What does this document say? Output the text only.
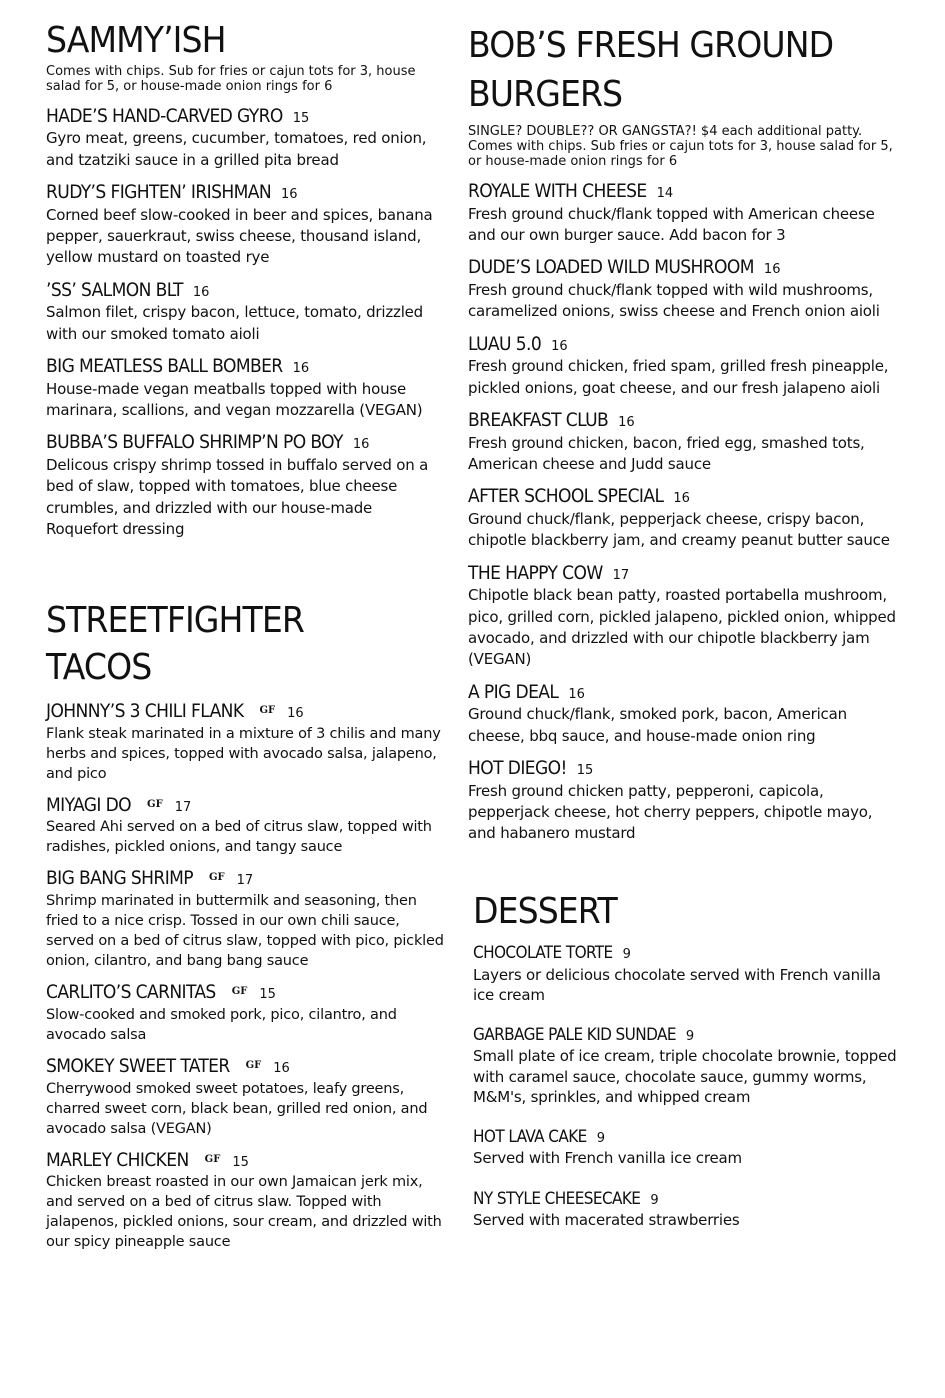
SAMMY’ISH

Comes with chips. Sub for fries or cajun tots for 3, house salad for 5, or house-made onion rings for 6

HADE’S HAND-CARVED GYRO 15
Gyro meat, greens, cucumber, tomatoes, red onion, and tzatziki sauce in a grilled pita bread
RUDY’S FIGHTEN’ IRISHMAN 16
Corned beef slow-cooked in beer and spices, banana pepper, sauerkraut, swiss cheese, thousand island, yellow mustard on toasted rye
’SS’ SALMON BLT 16
Salmon filet, crispy bacon, lettuce, tomato, drizzled with our smoked tomato aioli
BIG MEATLESS BALL BOMBER 16
House-made vegan meatballs topped with house marinara, scallions, and vegan mozzarella (VEGAN)
BUBBA’S BUFFALO SHRIMP’N PO BOY 16
Delicous crispy shrimp tossed in buffalo served on a bed of slaw, topped with tomatoes, blue cheese crumbles, and drizzled with our house-made Roquefort dressing
STREETFIGHTER TACOS
JOHNNY’S 3 CHILI FLANK GF 16
Flank steak marinated in a mixture of 3 chilis and many herbs and spices, topped with avocado salsa, jalapeno, and pico
MIYAGI DO GF 17
Seared Ahi served on a bed of citrus slaw, topped with radishes, pickled onions, and tangy sauce
BIG BANG SHRIMP GF 17
Shrimp marinated in buttermilk and seasoning, then fried to a nice crisp. Tossed in our own chili sauce, served on a bed of citrus slaw, topped with pico, pickled onion, cilantro, and bang bang sauce
CARLITO’S CARNITAS GF 15
Slow-cooked and smoked pork, pico, cilantro, and avocado salsa
SMOKEY SWEET TATER GF 16
Cherrywood smoked sweet potatoes, leafy greens, charred sweet corn, black bean, grilled red onion, and avocado salsa (VEGAN)
MARLEY CHICKEN GF 15
Chicken breast roasted in our own Jamaican jerk mix, and served on a bed of citrus slaw. Topped with jalapenos, pickled onions, sour cream, and drizzled with our spicy pineapple sauce
BOB’S FRESH GROUND
BURGERS

SINGLE? DOUBLE?? OR GANGSTA?! $4 each additional patty. Comes with chips. Sub fries or cajun tots for 3, house salad for 5, or house-made onion rings for 6

ROYALE WITH CHEESE 14
Fresh ground chuck/flank topped with American cheese and our own burger sauce. Add bacon for 3
DUDE’S LOADED WILD MUSHROOM 16
Fresh ground chuck/flank topped with wild mushrooms, caramelized onions, swiss cheese and French onion aioli
LUAU 5.0 16
Fresh ground chicken, fried spam, grilled fresh pineapple, pickled onions, goat cheese, and our fresh jalapeno aioli
BREAKFAST CLUB 16
Fresh ground chicken, bacon, fried egg, smashed tots, American cheese and Judd sauce
AFTER SCHOOL SPECIAL 16
Ground chuck/flank, pepperjack cheese, crispy bacon, chipotle blackberry jam, and creamy peanut butter sauce
THE HAPPY COW 17
Chipotle black bean patty, roasted portabella mushroom, pico, grilled corn, pickled jalapeno, pickled onion, whipped avocado, and drizzled with our chipotle blackberry jam (VEGAN)
A PIG DEAL 16
Ground chuck/flank, smoked pork, bacon, American cheese, bbq sauce, and house-made onion ring
HOT DIEGO! 15
Fresh ground chicken patty, pepperoni, capicola, pepperjack cheese, hot cherry peppers, chipotle mayo, and habanero mustard
DESSERT
CHOCOLATE TORTE 9
Layers or delicious chocolate served with French vanilla ice cream
GARBAGE PALE KID SUNDAE 9
Small plate of ice cream, triple chocolate brownie, topped with caramel sauce, chocolate sauce, gummy worms, M&M's, sprinkles, and whipped cream
HOT LAVA CAKE 9
Served with French vanilla ice cream
NY STYLE CHEESECAKE 9
Served with macerated strawberries
